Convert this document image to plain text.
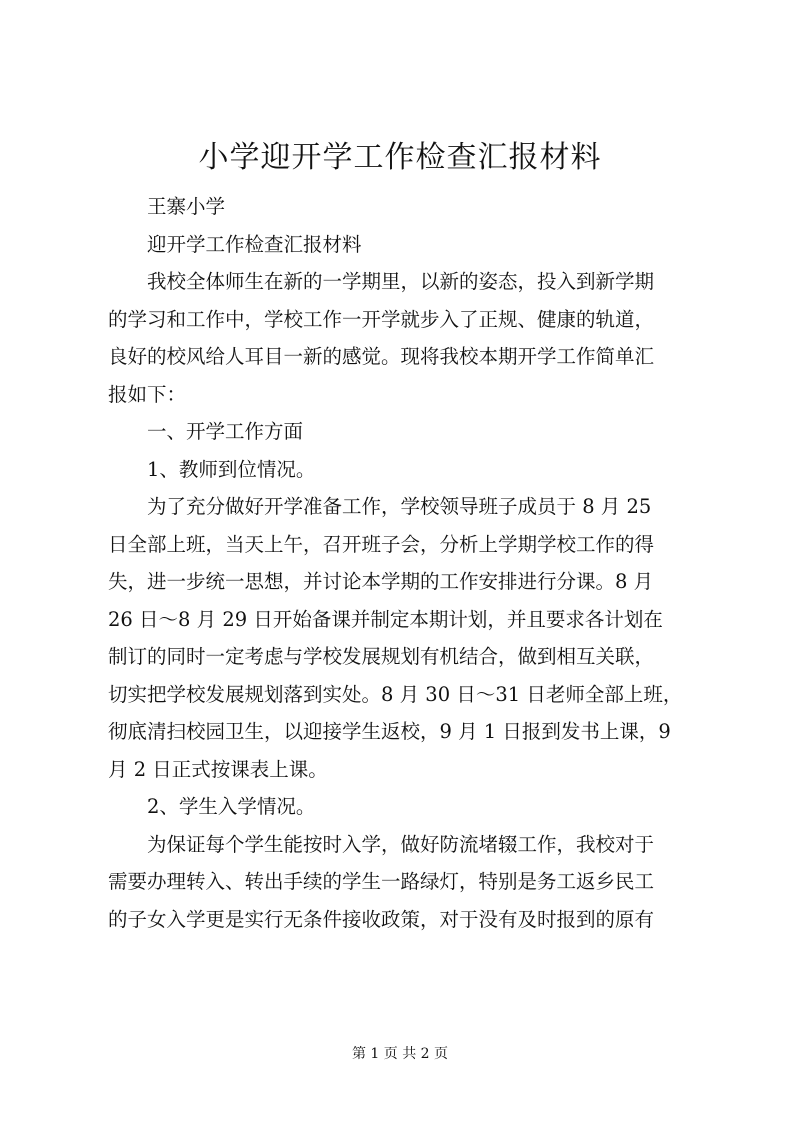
小学迎开学工作检查汇报材料
王寨小学
迎开学工作检查汇报材料
我校全体师生在新的一学期里，以新的姿态，投入到新学期
的学习和工作中，学校工作一开学就步入了正规、健康的轨道，
良好的校风给人耳目一新的感觉。现将我校本期开学工作简单汇
报如下：
一、开学工作方面
1、教师到位情况。
为了充分做好开学准备工作，学校领导班子成员于 8 月 25
日全部上班，当天上午，召开班子会，分析上学期学校工作的得
失，进一步统一思想，并讨论本学期的工作安排进行分课。8 月
26 日～8 月 29 日开始备课并制定本期计划，并且要求各计划在
制订的同时一定考虑与学校发展规划有机结合，做到相互关联，
切实把学校发展规划落到实处。8 月 30 日～31 日老师全部上班，
彻底清扫校园卫生，以迎接学生返校，9 月 1 日报到发书上课，9
月 2 日正式按课表上课。
2、学生入学情况。
为保证每个学生能按时入学，做好防流堵辍工作，我校对于
需要办理转入、转出手续的学生一路绿灯，特别是务工返乡民工
的子女入学更是实行无条件接收政策，对于没有及时报到的原有
第 1 页 共 2 页
